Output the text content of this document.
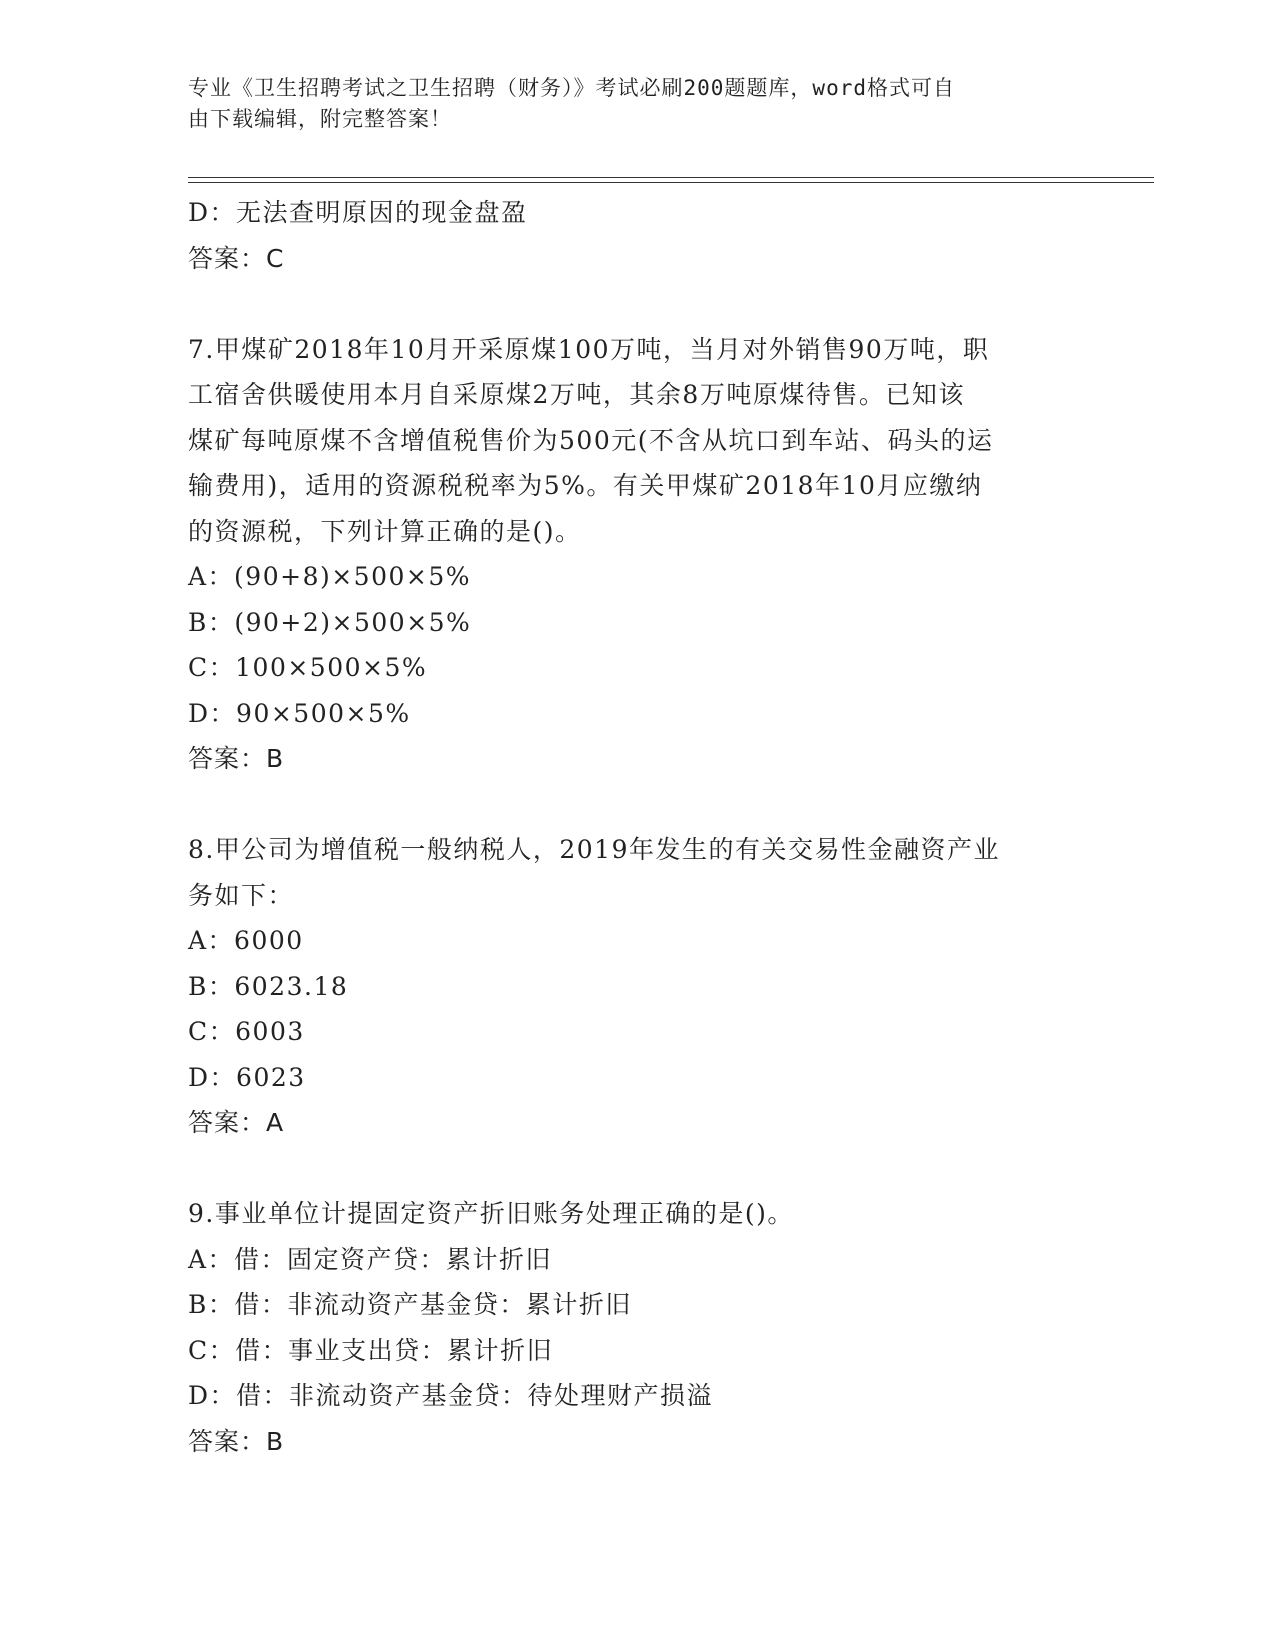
专业《卫生招聘考试之卫生招聘（财务）》考试必刷200题题库，word格式可自
由下载编辑，附完整答案！
D：无法查明原因的现金盘盈
答案：C
7.甲煤矿2018年10月开采原煤100万吨，当月对外销售90万吨，职
工宿舍供暖使用本月自采原煤2万吨，其余8万吨原煤待售。已知该
煤矿每吨原煤不含增值税售价为500元(不含从坑口到车站、码头的运
输费用)，适用的资源税税率为5%。有关甲煤矿2018年10月应缴纳
的资源税，下列计算正确的是()。
A：(90+8)×500×5%
B：(90+2)×500×5%
C：100×500×5%
D：90×500×5%
答案：B
8.甲公司为增值税一般纳税人，2019年发生的有关交易性金融资产业
务如下：
A：6000
B：6023.18
C：6003
D：6023
答案：A
9.事业单位计提固定资产折旧账务处理正确的是()。
A：借：固定资产贷：累计折旧
B：借：非流动资产基金贷：累计折旧
C：借：事业支出贷：累计折旧
D：借：非流动资产基金贷：待处理财产损溢
答案：B
